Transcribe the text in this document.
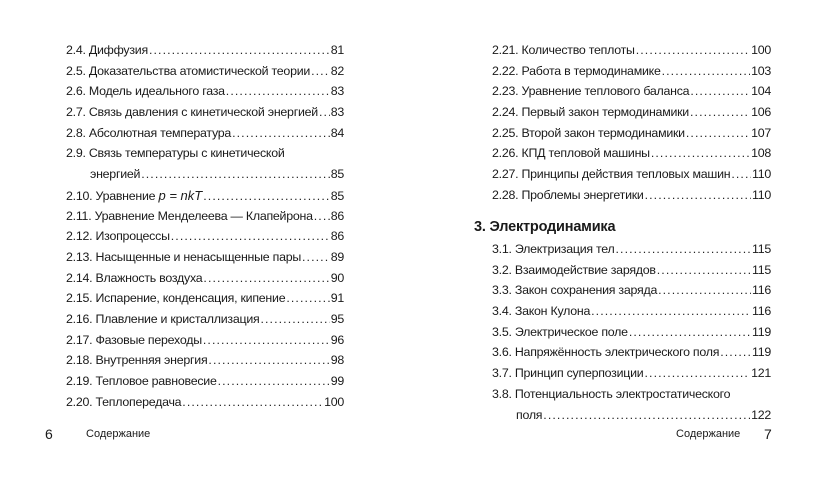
2.4. Диффузия .....	81
2.5. Доказательства атомистической теории ..... 82
2.6. Модель идеального газа .....	83
2.7. Связь давления с кинетической энергией ..... 83
2.8. Абсолютная температура .....	84
2.9. Связь температуры с кинетической
энергией .....	85
2.10. Уравнение p = nkT .....	85
2.11. Уравнение Менделеева — Клапейрона ..... 86
2.12. Изопроцессы .....	86
2.13. Насыщенные и ненасыщенные пары ..... 89
2.14. Влажность воздуха .....	90
2.15. Испарение, конденсация, кипение .....	91
2.16. Плавление и кристаллизация .....	95
2.17. Фазовые переходы .....	96
2.18. Внутренняя энергия .....	98
2.19. Тепловое равновесие .....	99
2.20. Теплопередача .....	100
2.21. Количество теплоты .....	100
2.22. Работа в термодинамике .....	103
2.23. Уравнение теплового баланса .....	104
2.24. Первый закон термодинамики .....	106
2.25. Второй закон термодинамики .....	107
2.26. КПД тепловой машины .....	108
2.27. Принципы действия тепловых машин ..... 110
2.28. Проблемы энергетики .....	110
3. Электродинамика
3.1. Электризация тел .....	115
3.2. Взаимодействие зарядов .....	115
3.3. Закон сохранения заряда .....	116
3.4. Закон Кулона .....	116
3.5. Электрическое поле .....	119
3.6. Напряжённость электрического поля .....	119
3.7. Принцип суперпозиции .....	121
3.8. Потенциальность электростатического
поля .....	122
6	Содержание	Содержание 7
